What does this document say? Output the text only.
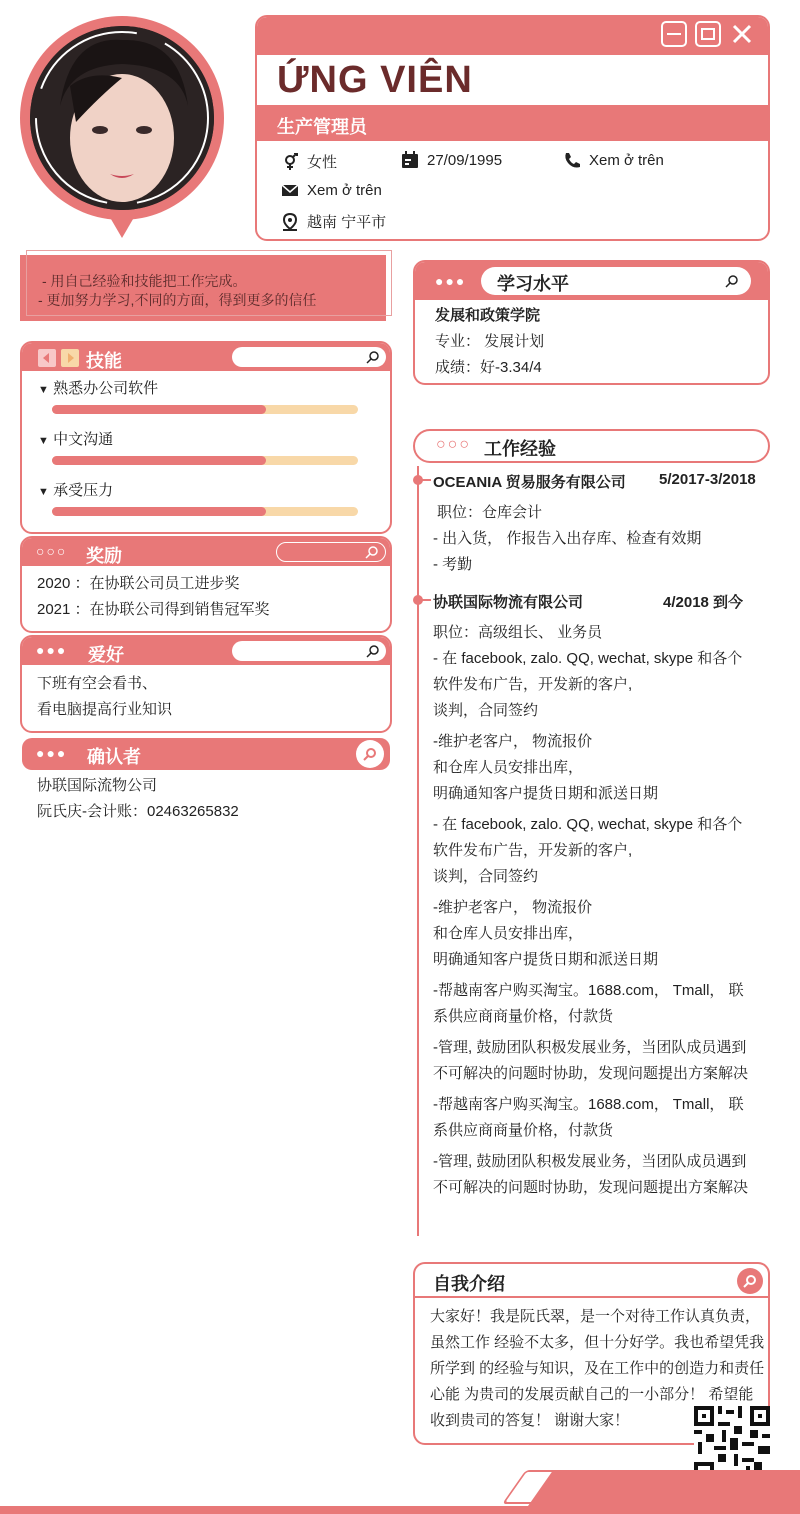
ỨNG VIÊN
生产管理员
女性	27/09/1995	Xem ở trên
Xem ở trên
越南 宁平市
- 用自己经验和技能把工作完成。
- 更加努力学习,不同的方面，得到更多的信任
技能
▼ 熟悉办公司软件
▼ 中文沟通
▼ 承受压力
○○○ 奖励
2020 ：在协联公司员工进步奖
2021 ：在协联公司得到销售冠军奖
●●● 爱好
下班有空会看书、
看电脑提高行业知识
●●● 确认者
协联国际流物公司
阮氏庆-会计账：02463265832
●●● 学习水平
发展和政策学院
专业： 发展计划
成绩：好-3.34/4
○○○ 工作经验
OCEANIA 贸易服务有限公司 5/2017-3/2018
职位：仓库会计
- 出入货， 作报告入出存库、检查有效期
- 考勤
协联国际物流有限公司	4/2018 到今
职位：高级组长、 业务员
- 在 facebook, zalo. QQ, wechat, skype 和各个
软件发布广告，开发新的客户,
谈判，合同签约
-维护老客户， 物流报价
和仓库人员安排出库，
明确通知客户提货日期和派送日期
- 在 facebook, zalo. QQ, wechat, skype 和各个
软件发布广告，开发新的客户,
谈判，合同签约
-维护老客户， 物流报价
和仓库人员安排出库，
明确通知客户提货日期和派送日期
-帮越南客户购买淘宝。1688.com， Tmall， 联
系供应商商量价格，付款货
-管理, 鼓励团队积极发展业务，当团队成员遇到
不可解决的问题时协助，发现问题提出方案解决
-帮越南客户购买淘宝。1688.com， Tmall， 联
系供应商商量价格，付款货
-管理, 鼓励团队积极发展业务，当团队成员遇到
不可解决的问题时协助，发现问题提出方案解决
自我介绍
大家好！我是阮氏翠，是一个对待工作认真负责，
虽然工作 经验不太多，但十分好学。我也希望凭我
所学到 的经验与知识，及在工作中的创造力和责任
心能 为贵司的发展贡献自己的一小部分！ 希望能
收到贵司的答复！ 谢谢大家！
